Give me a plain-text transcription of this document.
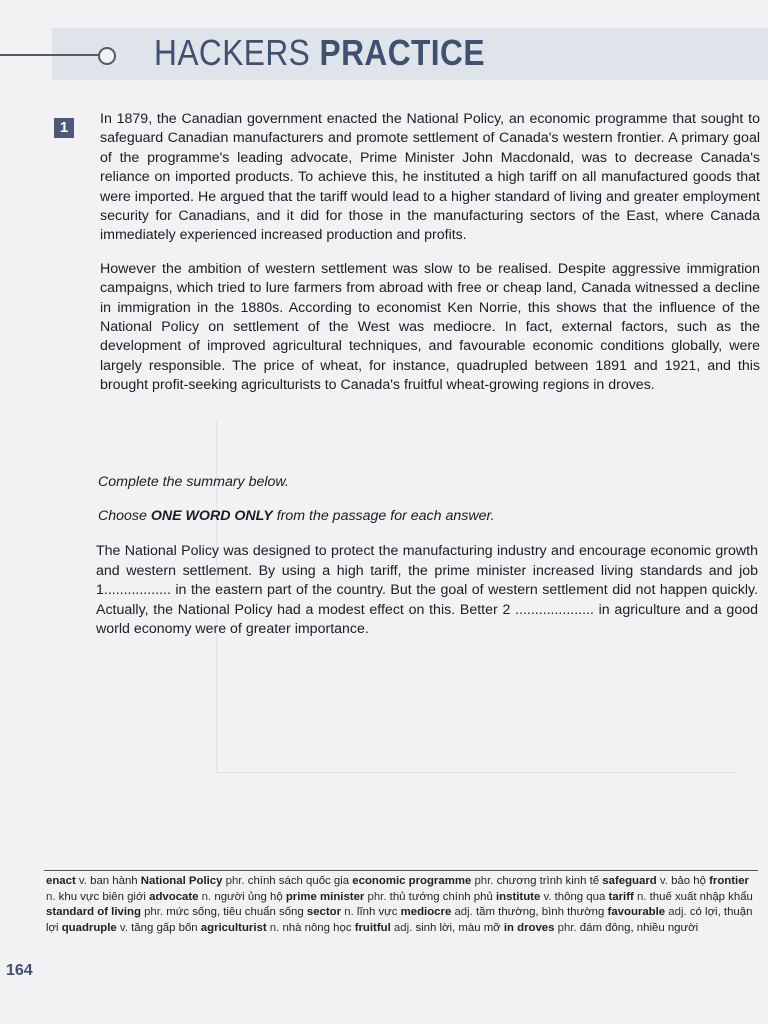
HACKERS PRACTICE
1	In 1879, the Canadian government enacted the National Policy, an economic programme that sought to safeguard Canadian manufacturers and promote settlement of Canada's western frontier. A primary goal of the programme's leading advocate, Prime Minister John Macdonald, was to decrease Canada's reliance on imported products. To achieve this, he instituted a high tariff on all manufactured goods that were imported. He argued that the tariff would lead to a higher standard of living and greater employment security for Canadians, and it did for those in the manufacturing sectors of the East, where Canada immediately experienced increased production and profits.

However the ambition of western settlement was slow to be realised. Despite aggressive immigration campaigns, which tried to lure farmers from abroad with free or cheap land, Canada witnessed a decline in immigration in the 1880s. According to economist Ken Norrie, this shows that the influence of the National Policy on settlement of the West was mediocre. In fact, external factors, such as the development of improved agricultural techniques, and favourable economic conditions globally, were largely responsible. The price of wheat, for instance, quadrupled between 1891 and 1921, and this brought profit-seeking agriculturists to Canada's fruitful wheat-growing regions in droves.

Complete the summary below.

Choose ONE WORD ONLY from the passage for each answer.

The National Policy was designed to protect the manufacturing industry and encourage economic growth and western settlement. By using a high tariff, the prime minister increased living standards and job 1................. in the eastern part of the country. But the goal of western settlement did not happen quickly. Actually, the National Policy had a modest effect on this. Better 2 .................... in agriculture and a good world economy were of greater importance.
enact v. ban hành National Policy phr. chính sách quốc gia economic programme phr. chương trình kinh tế safeguard v. bảo hộ frontier n. khu vực biên giới advocate n. người ủng hộ prime minister phr. thủ tướng chính phủ institute v. thông qua tariff n. thuế xuất nhập khẩu standard of living phr. mức sống, tiêu chuẩn sống sector n. lĩnh vực mediocre adj. tầm thường, bình thường favourable adj. có lợi, thuận lợi quadruple v. tăng gấp bốn agriculturist n. nhà nông học fruitful adj. sinh lời, màu mỡ in droves phr. đám đông, nhiều người
164
